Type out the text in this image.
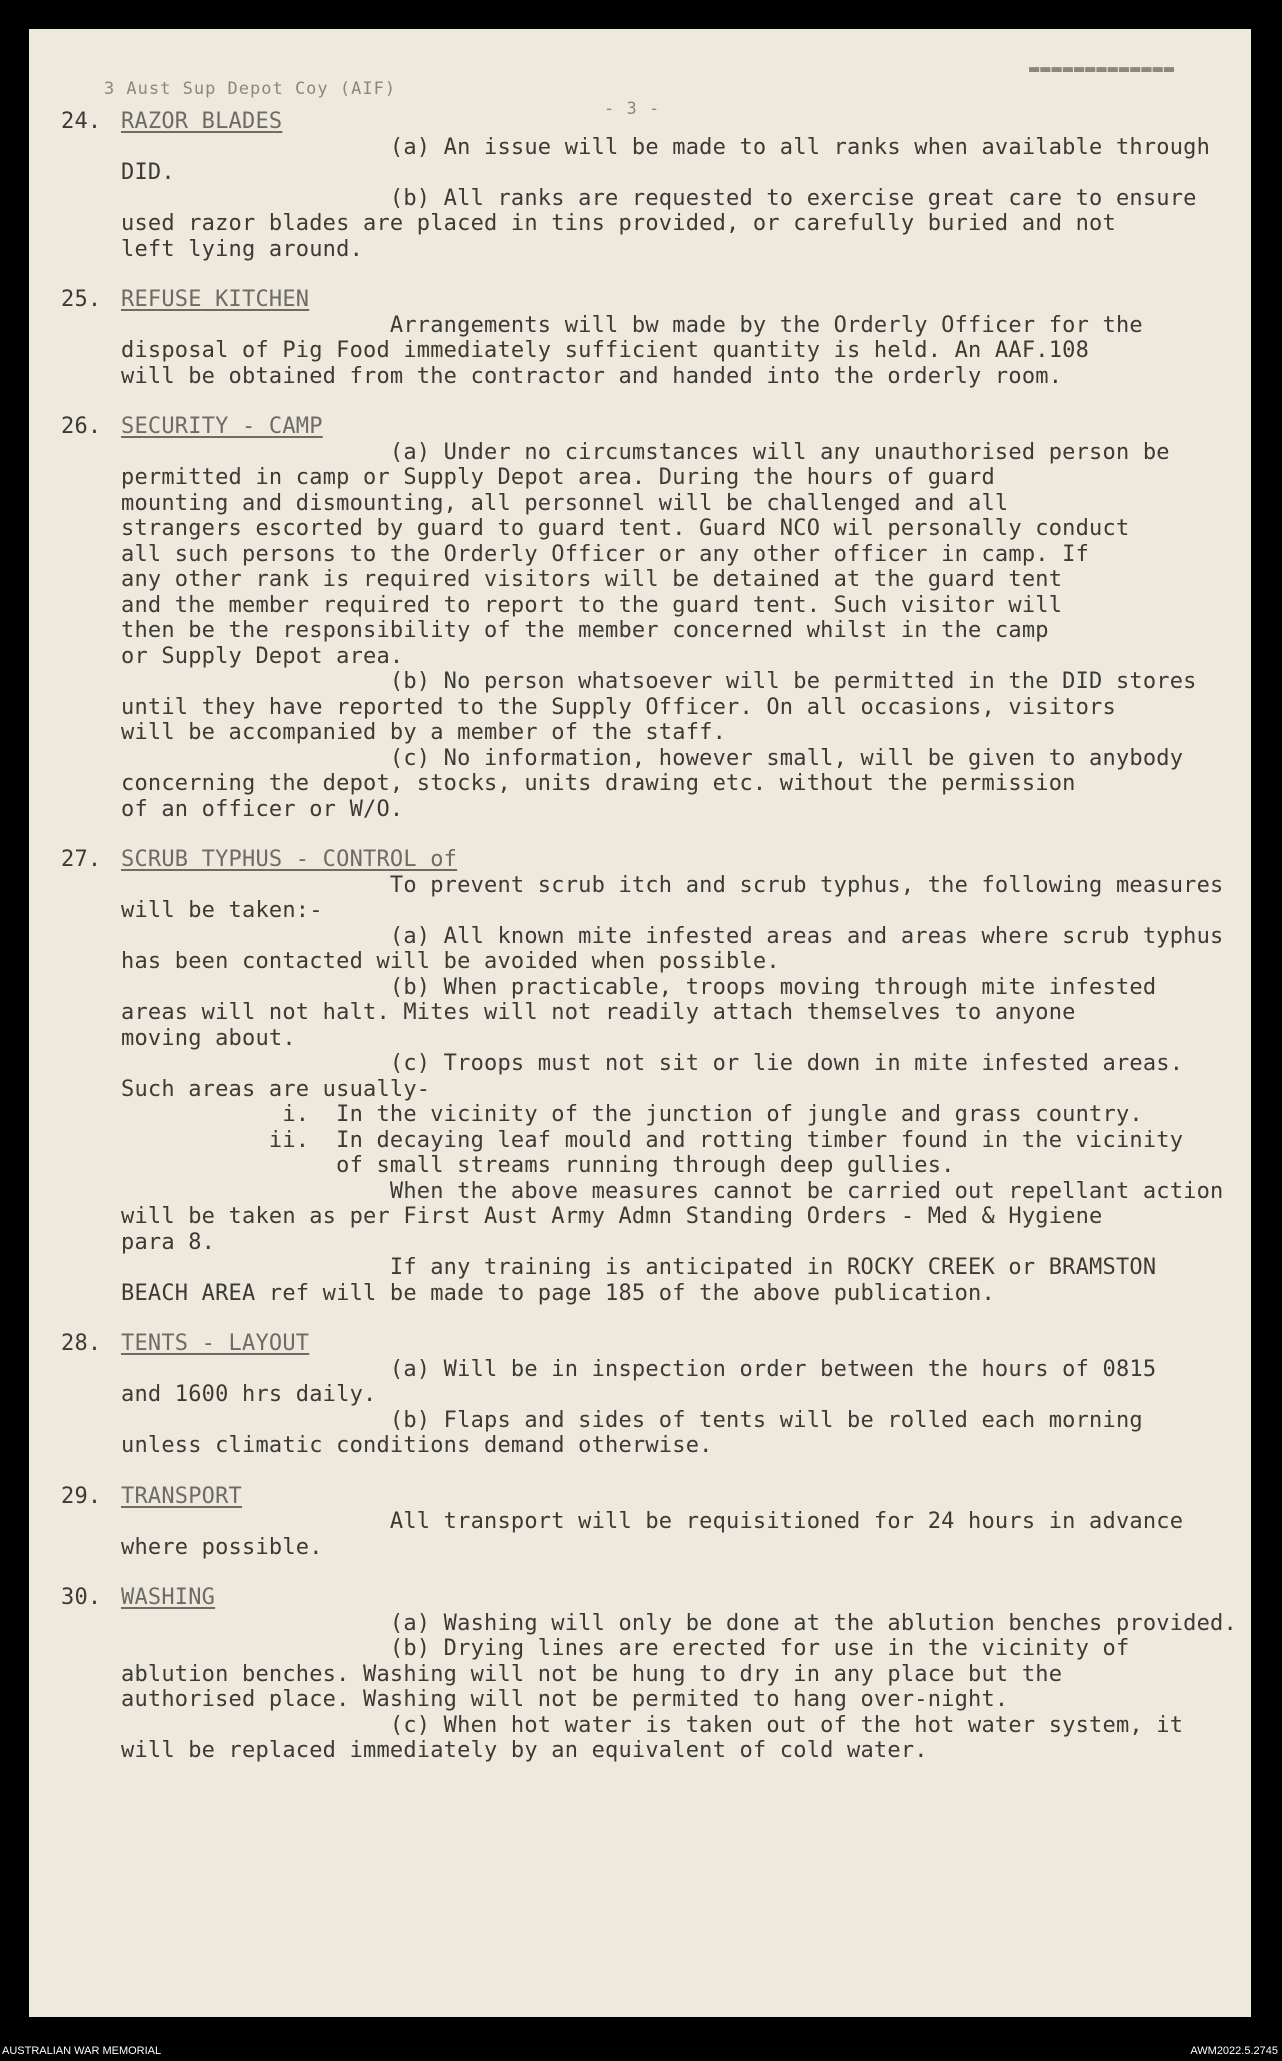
3 Aust Sup Depot Coy (AIF)

- 3 -

▬▬▬▬▬▬▬▬▬▬▬▬▬

24. RAZOR BLADES
(a) An issue will be made to all ranks when available through
DID.
(b) All ranks are requested to exercise great care to ensure
used razor blades are placed in tins provided, or carefully buried and not
left lying around.
25. REFUSE KITCHEN
Arrangements will bw made by the Orderly Officer for the
disposal of Pig Food immediately sufficient quantity is held. An AAF.108
will be obtained from the contractor and handed into the orderly room.
26. SECURITY - CAMP
(a) Under no circumstances will any unauthorised person be
permitted in camp or Supply Depot area. During the hours of guard
mounting and dismounting, all personnel will be challenged and all
strangers escorted by guard to guard tent. Guard NCO wil personally conduct
all such persons to the Orderly Officer or any other officer in camp. If
any other rank is required visitors will be detained at the guard tent
and the member required to report to the guard tent. Such visitor will
then be the responsibility of the member concerned whilst in the camp
or Supply Depot area.
(b) No person whatsoever will be permitted in the DID stores
until they have reported to the Supply Officer. On all occasions, visitors
will be accompanied by a member of the staff.
(c) No information, however small, will be given to anybody
concerning the depot, stocks, units drawing etc. without the permission
of an officer or W/O.
27. SCRUB TYPHUS - CONTROL of
To prevent scrub itch and scrub typhus, the following measures
will be taken:-
(a) All known mite infested areas and areas where scrub typhus
has been contacted will be avoided when possible.
(b) When practicable, troops moving through mite infested
areas will not halt. Mites will not readily attach themselves to anyone
moving about.
(c) Troops must not sit or lie down in mite infested areas.
Such areas are usually-
i.  In the vicinity of the junction of jungle and grass country.
ii.  In decaying leaf mould and rotting timber found in the vicinity
of small streams running through deep gullies.
When the above measures cannot be carried out repellant action
will be taken as per First Aust Army Admn Standing Orders - Med & Hygiene
para 8.
If any training is anticipated in ROCKY CREEK or BRAMSTON
BEACH AREA ref will be made to page 185 of the above publication.
28. TENTS - LAYOUT
(a) Will be in inspection order between the hours of 0815
and 1600 hrs daily.
(b) Flaps and sides of tents will be rolled each morning
unless climatic conditions demand otherwise.
29. TRANSPORT
All transport will be requisitioned for 24 hours in advance
where possible.
30. WASHING
(a) Washing will only be done at the ablution benches provided.
(b) Drying lines are erected for use in the vicinity of
ablution benches. Washing will not be hung to dry in any place but the
authorised place. Washing will not be permited to hang over-night.
(c) When hot water is taken out of the hot water system, it
will be replaced immediately by an equivalent of cold water.
AUSTRALIAN WAR MEMORIAL	AWM2022.5.2745
